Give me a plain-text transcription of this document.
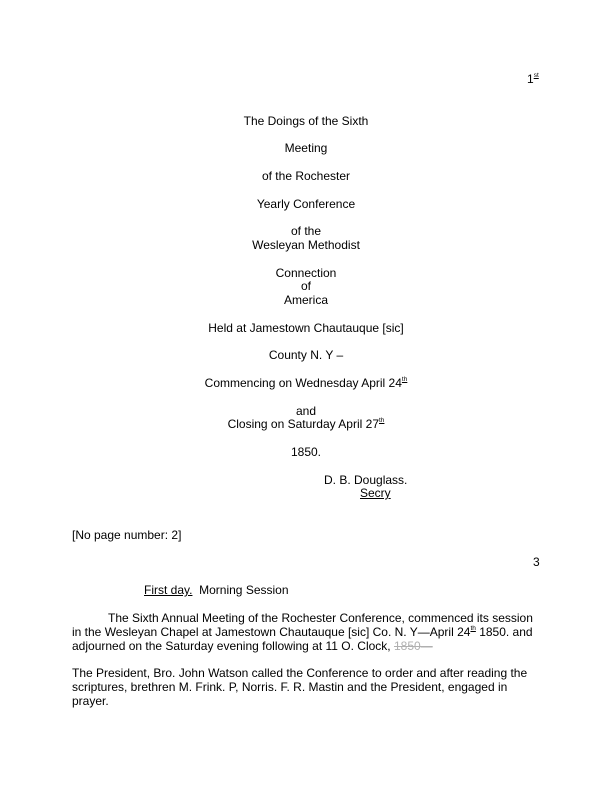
1st
The Doings of the Sixth
Meeting
of the Rochester
Yearly Conference
of the
Wesleyan Methodist
Connection
of
America
Held at Jamestown Chautauque [sic]
County N. Y –
Commencing on Wednesday April 24th
and
Closing on Saturday April 27th
1850.
D. B. Douglass.
Secry
[No page number: 2]
3
First day. Morning Session
The Sixth Annual Meeting of the Rochester Conference, commenced its session
in the Wesleyan Chapel at Jamestown Chautauque [sic] Co. N. Y—April 24th 1850. and
adjourned on the Saturday evening following at 11 O. Clock, 1850—
The President, Bro. John Watson called the Conference to order and after reading the
scriptures, brethren M. Frink. P, Norris. F. R. Mastin and the President, engaged in
prayer.
